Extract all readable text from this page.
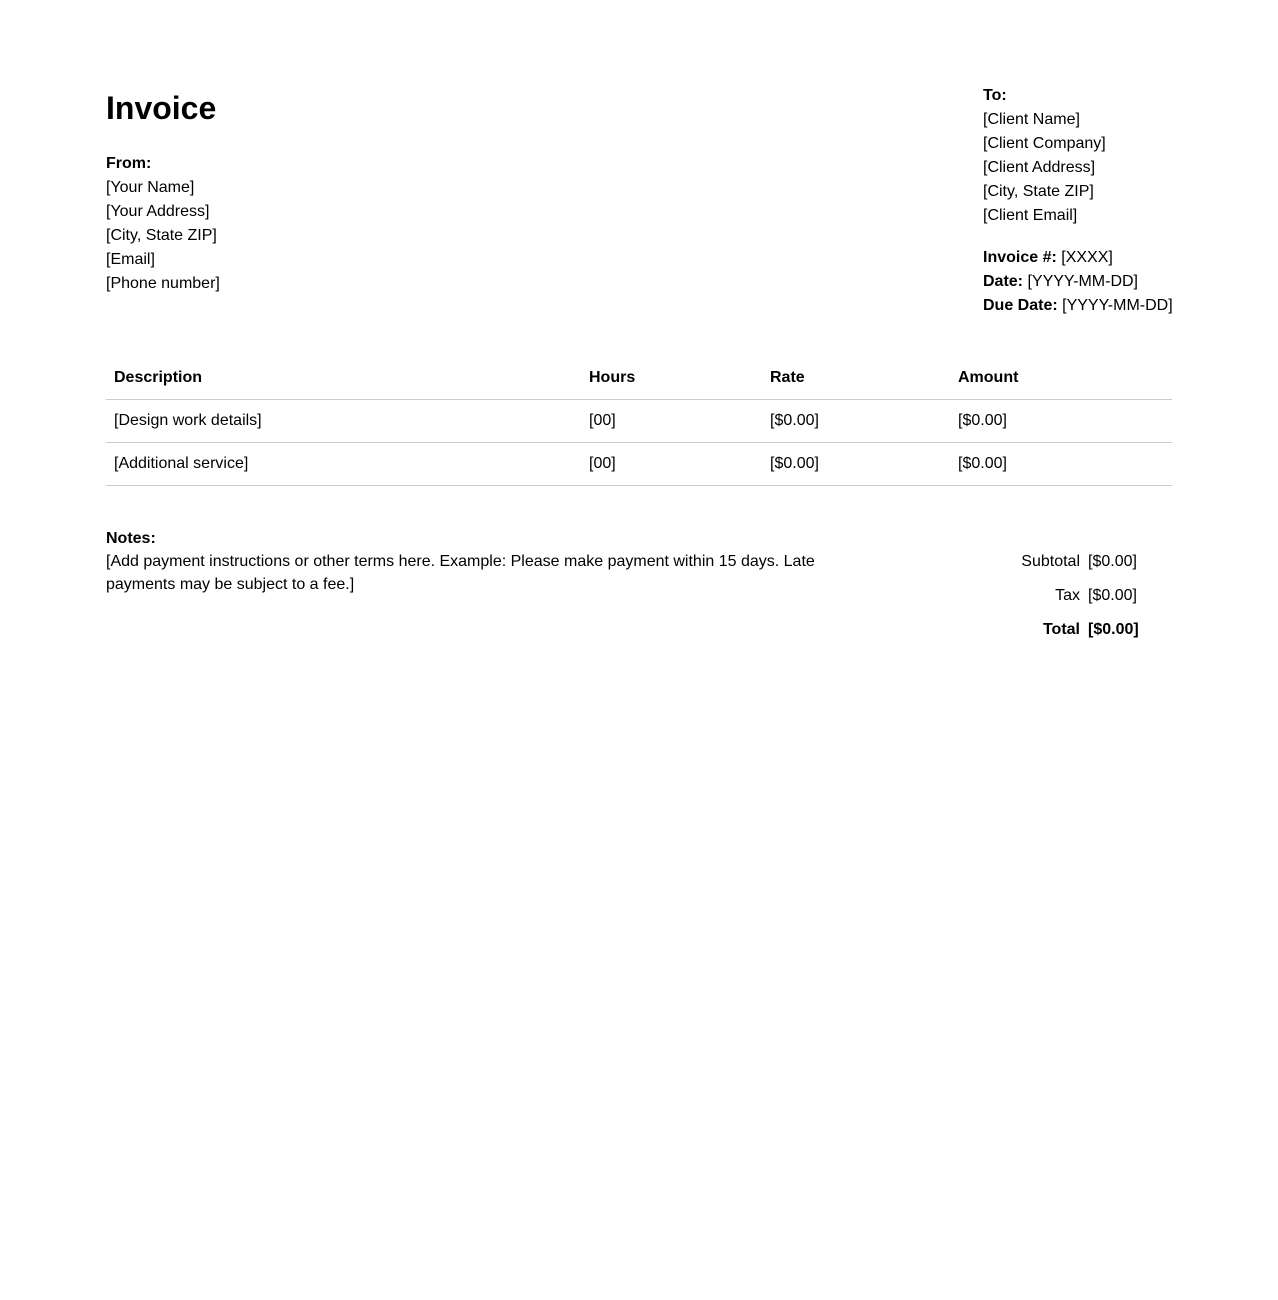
Invoice
From:
[Your Name]
[Your Address]
[City, State ZIP]
[Email]
[Phone number]
To:
[Client Name]
[Client Company]
[Client Address]
[City, State ZIP]
[Client Email]
Invoice #: [XXXX]
Date: [YYYY-MM-DD]
Due Date: [YYYY-MM-DD]
Description	Hours	Rate	Amount
[Design work details]	[00]	[$0.00]	[$0.00]
[Additional service]	[00]	[$0.00]	[$0.00]
Notes:
[Add payment instructions or other terms here. Example: Please make payment within 15 days. Late payments may be subject to a fee.]
Subtotal	[$0.00]
Tax	[$0.00]
Total	[$0.00]
